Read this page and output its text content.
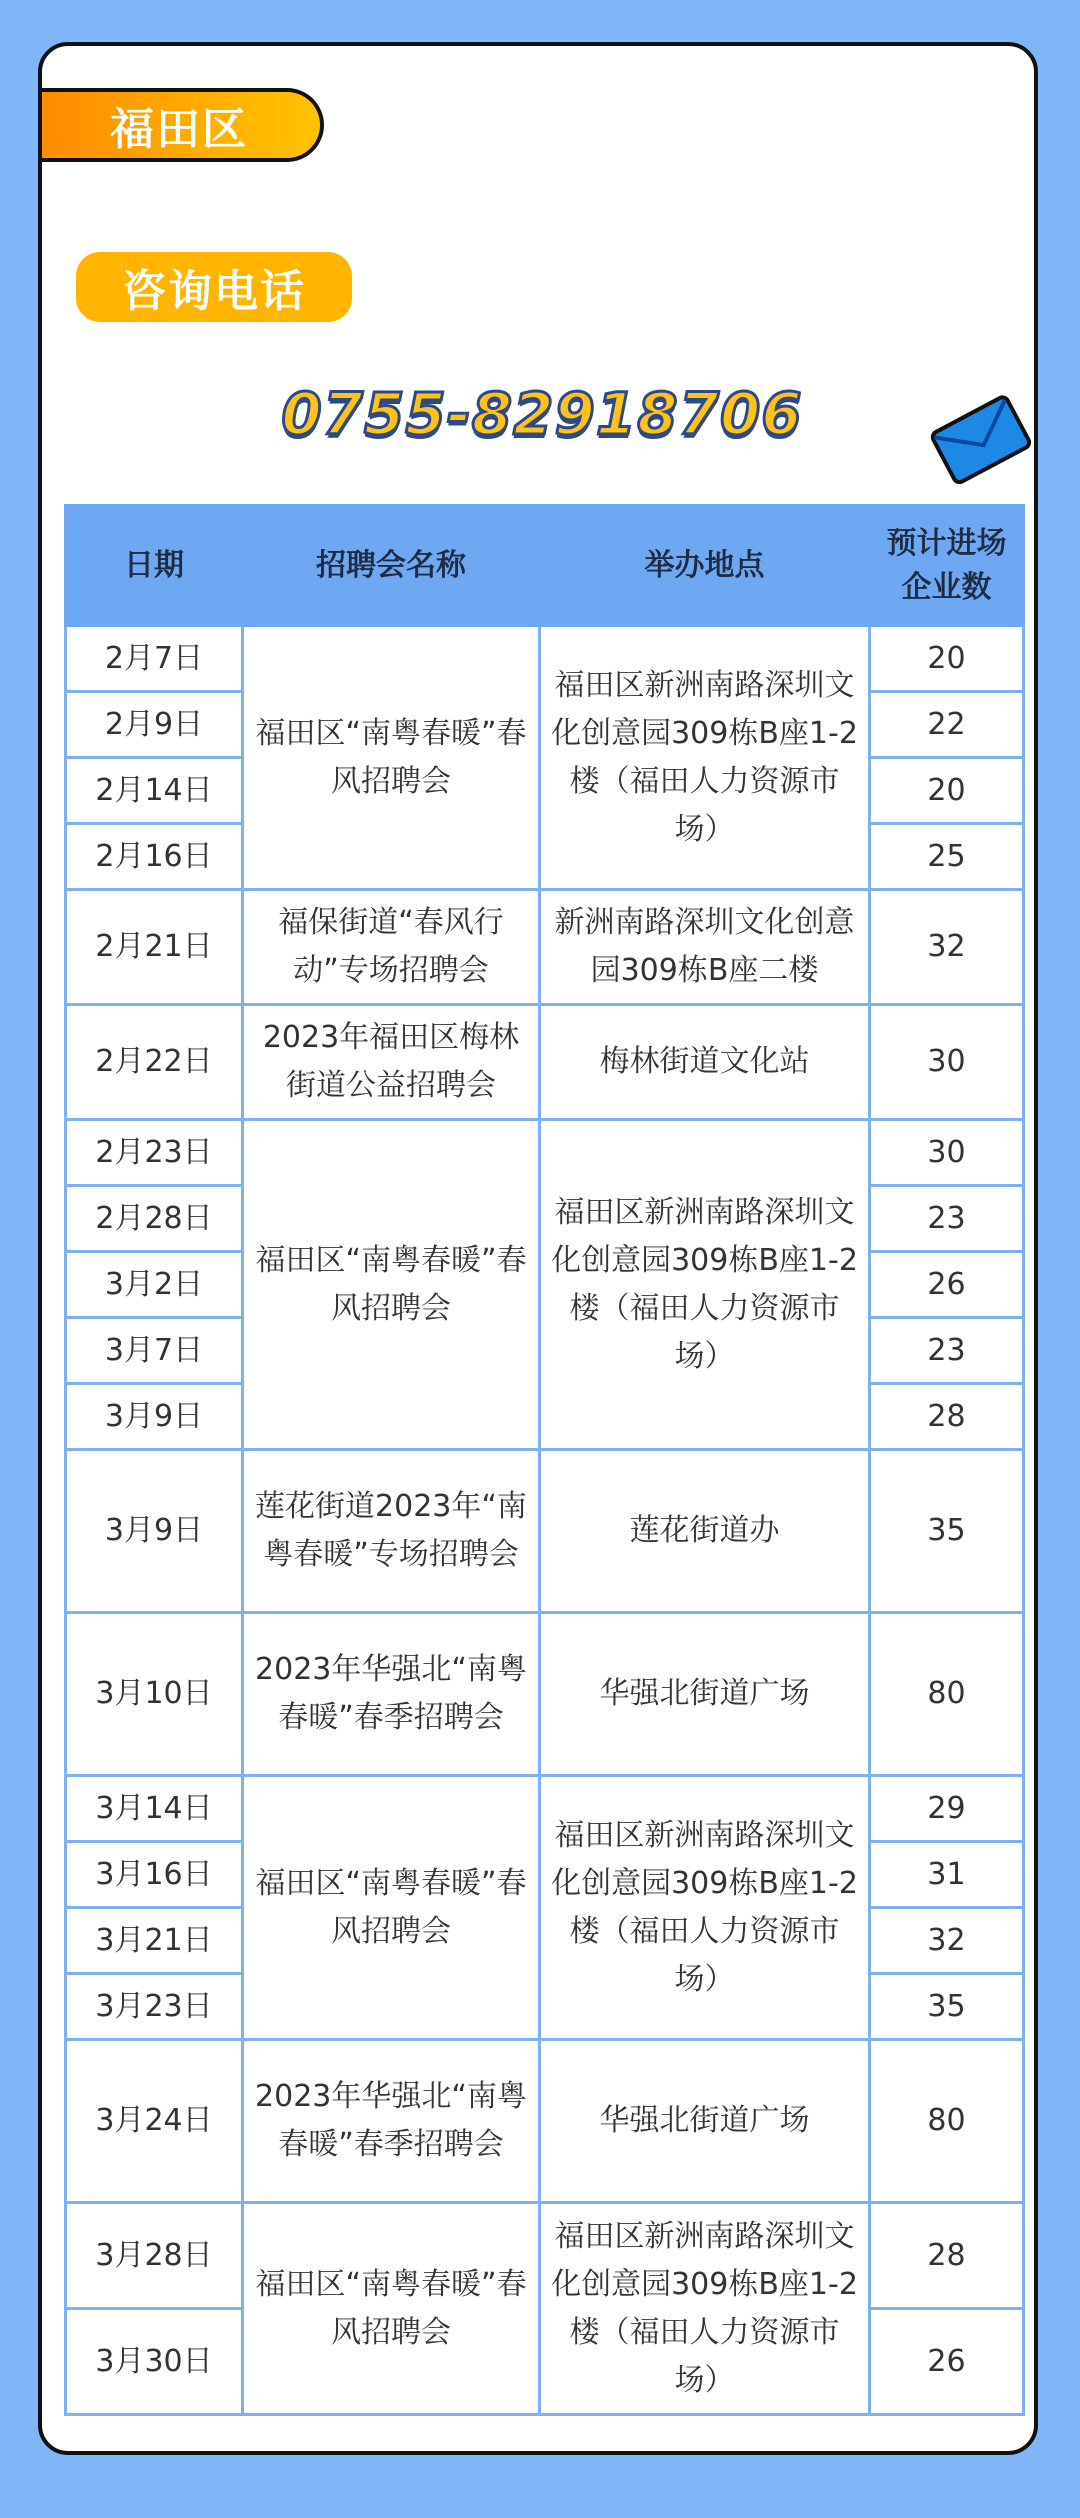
福田区
咨询电话
0755-82918706
日期	招聘会名称	举办地点	预计进场企业数
2月7日	福田区“南粤春暖”春风招聘会	福田区新洲南路深圳文化创意园309栋B座1-2楼（福田人力资源市场）	20
2月9日			22
2月14日			20
2月16日			25
2月21日	福保街道“春风行动”专场招聘会	新洲南路深圳文化创意园309栋B座二楼	32
2月22日	2023年福田区梅林街道公益招聘会	梅林街道文化站	30
2月23日	福田区“南粤春暖”春风招聘会	福田区新洲南路深圳文化创意园309栋B座1-2楼（福田人力资源市场）	30
2月28日			23
3月2日			26
3月7日			23
3月9日			28
3月9日	莲花街道2023年“南粤春暖”专场招聘会	莲花街道办	35
3月10日	2023年华强北“南粤春暖”春季招聘会	华强北街道广场	80
3月14日	福田区“南粤春暖”春风招聘会	福田区新洲南路深圳文化创意园309栋B座1-2楼（福田人力资源市场）	29
3月16日			31
3月21日			32
3月23日			35
3月24日	2023年华强北“南粤春暖”春季招聘会	华强北街道广场	80
3月28日	福田区“南粤春暖”春风招聘会	福田区新洲南路深圳文化创意园309栋B座1-2楼（福田人力资源市场）	28
3月30日			26
